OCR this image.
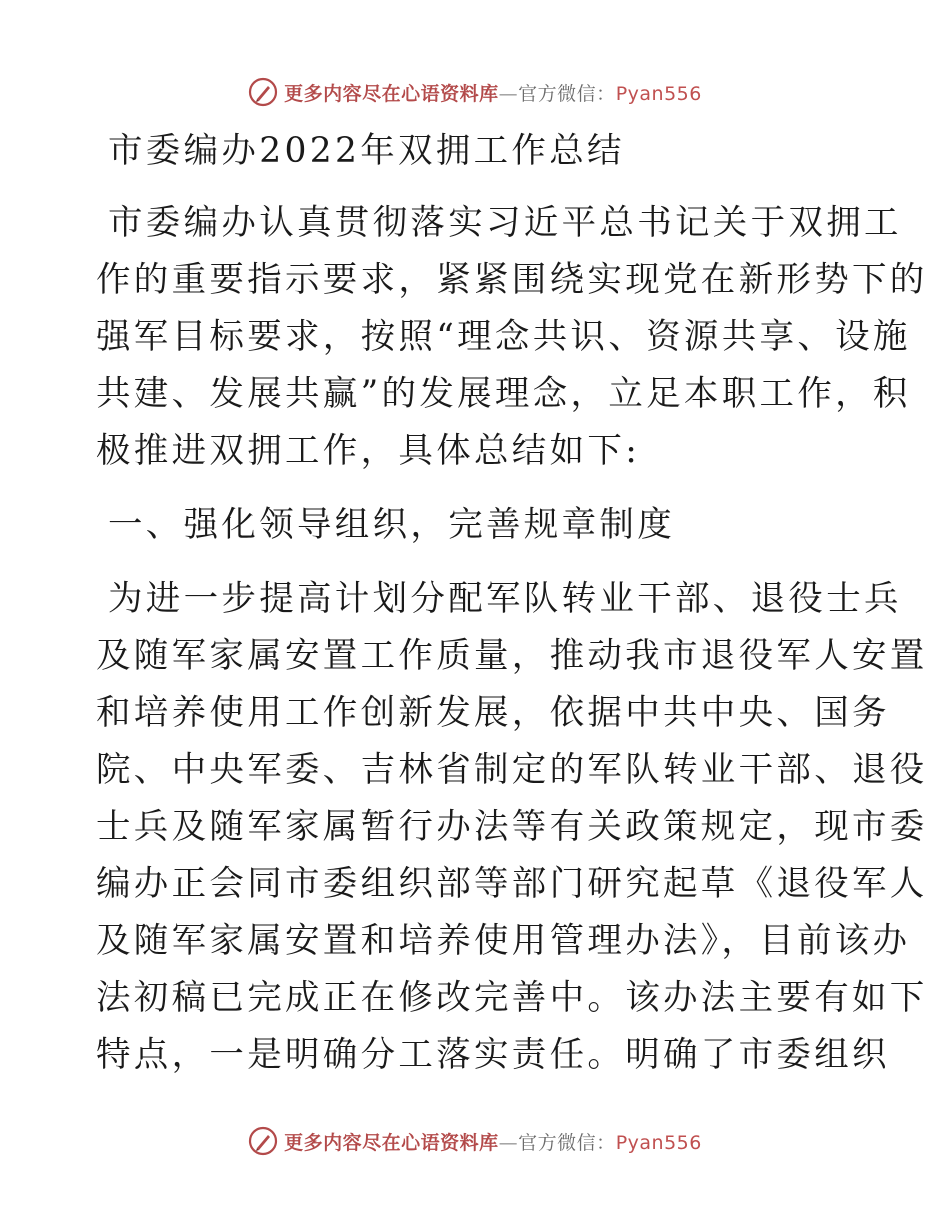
更多内容尽在心语资料库—官方微信：Pyan556
市委编办2022年双拥工作总结
市委编办认真贯彻落实习近平总书记关于双拥工
作的重要指示要求，紧紧围绕实现党在新形势下的
强军目标要求，按照“理念共识、资源共享、设施
共建、发展共赢”的发展理念，立足本职工作，积
极推进双拥工作，具体总结如下:
一、强化领导组织，完善规章制度
为进一步提高计划分配军队转业干部、退役士兵
及随军家属安置工作质量，推动我市退役军人安置
和培养使用工作创新发展，依据中共中央、国务
院、中央军委、吉林省制定的军队转业干部、退役
士兵及随军家属暂行办法等有关政策规定，现市委
编办正会同市委组织部等部门研究起草《退役军人
及随军家属安置和培养使用管理办法》，目前该办
法初稿已完成正在修改完善中。该办法主要有如下
特点，一是明确分工落实责任。明确了市委组织
更多内容尽在心语资料库—官方微信：Pyan556
